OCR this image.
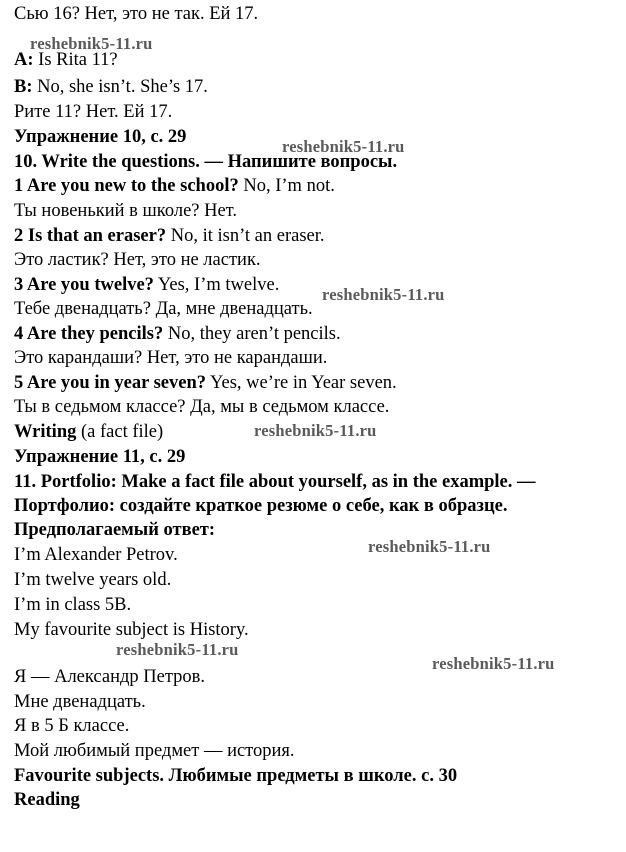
Сью 16? Нет, это не так. Ей 17.
A: Is Rita 11?
B: No, she isn’t. She’s 17.
Рите 11? Нет. Ей 17.
Упражнение 10, с. 29
10. Write the questions. — Напишите вопросы.
1 Are you new to the school? No, I’m not.
Ты новенький в школе? Нет.
2 Is that an eraser? No, it isn’t an eraser.
Это ластик? Нет, это не ластик.
3 Are you twelve? Yes, I’m twelve.
Тебе двенадцать? Да, мне двенадцать.
4 Are they pencils? No, they aren’t pencils.
Это карандаши? Нет, это не карандаши.
5 Are you in year seven? Yes, we’re in Year seven.
Ты в седьмом классе? Да, мы в седьмом классе.
Writing (a fact file)
Упражнение 11, с. 29
11. Portfolio: Make a fact file about yourself, as in the example. —
Портфолио: создайте краткое резюме о себе, как в образце.
Предполагаемый ответ:
I’m Alexander Petrov.
I’m twelve years old.
I’m in class 5B.
My favourite subject is History.
Я — Александр Петров.
Мне двенадцать.
Я в 5 Б классе.
Мой любимый предмет — история.
Favourite subjects. Любимые предметы в школе. с. 30
Reading
reshebnik5-11.ru
reshebnik5-11.ru
reshebnik5-11.ru
reshebnik5-11.ru
reshebnik5-11.ru
reshebnik5-11.ru
reshebnik5-11.ru
